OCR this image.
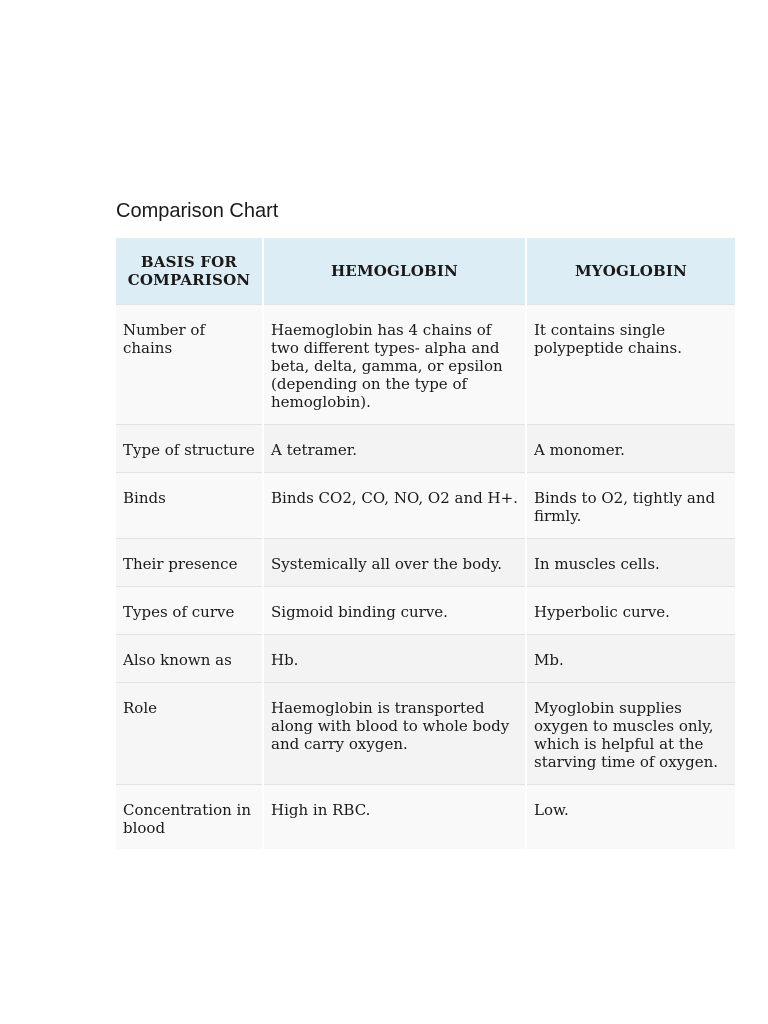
Comparison Chart
BASIS FOR COMPARISON	HEMOGLOBIN	MYOGLOBIN
Number of chains	Haemoglobin has 4 chains of two different types- alpha and beta, delta, gamma, or epsilon (depending on the type of hemoglobin).	It contains single polypeptide chains.
Type of structure	A tetramer.	A monomer.
Binds	Binds CO2, CO, NO, O2 and H+.	Binds to O2, tightly and firmly.
Their presence	Systemically all over the body.	In muscles cells.
Types of curve	Sigmoid binding curve.	Hyperbolic curve.
Also known as	Hb.	Mb.
Role	Haemoglobin is transported along with blood to whole body and carry oxygen.	Myoglobin supplies oxygen to muscles only, which is helpful at the starving time of oxygen.
Concentration in blood	High in RBC.	Low.
